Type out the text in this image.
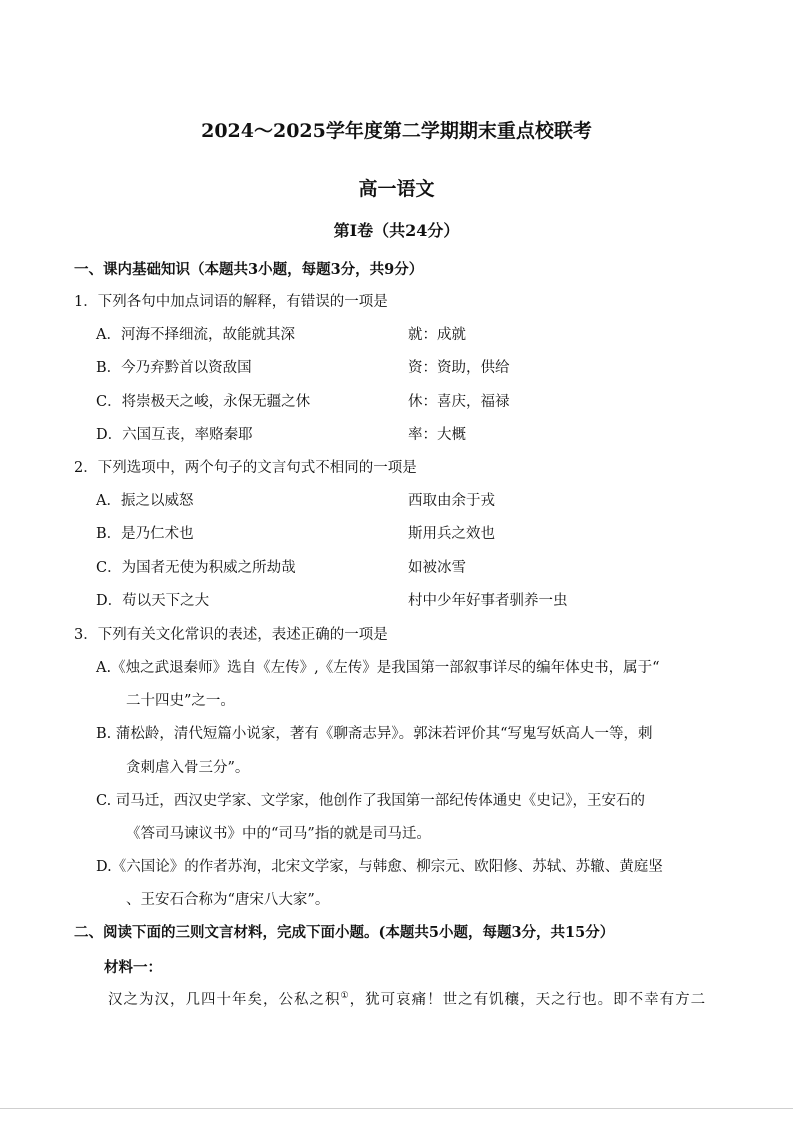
2024～2025学年度第二学期期末重点校联考
高一语文
第Ⅰ卷（共24分）
一、课内基础知识（本题共3小题，每题3分，共9分）
1．下列各句中加点词语的解释，有错误的一项是
A．河海不择细流，故能就其深	就：成就
B．今乃弃黔首以资敌国	资：资助，供给
C．将崇极天之峻，永保无疆之休	休：喜庆，福禄
D．六国互丧，率赂秦耶	率：大概
2．下列选项中，两个句子的文言句式不相同的一项是
A．振之以威怒	西取由余于戎
B．是乃仁术也	斯用兵之效也
C．为国者无使为积威之所劫哉	如被冰雪
D．苟以天下之大	村中少年好事者驯养一虫
3．下列有关文化常识的表述，表述正确的一项是
A.《烛之武退秦师》选自《左传》,《左传》是我国第一部叙事详尽的编年体史书，属于“
二十四史”之一。
B. 蒲松龄，清代短篇小说家，著有《聊斋志异》。郭沫若评价其“写鬼写妖高人一等，刺
贪刺虐入骨三分”。
C. 司马迁，西汉史学家、文学家，他创作了我国第一部纪传体通史《史记》，王安石的
《答司马谏议书》中的“司马”指的就是司马迁。
D.《六国论》的作者苏洵，北宋文学家，与韩愈、柳宗元、欧阳修、苏轼、苏辙、黄庭坚
、王安石合称为“唐宋八大家”。
二、阅读下面的三则文言材料，完成下面小题。(本题共5小题，每题3分，共15分）
材料一：
汉之为汉，几四十年矣，公私之积①，犹可哀痛！世之有饥穰，天之行也。即不幸有方二
